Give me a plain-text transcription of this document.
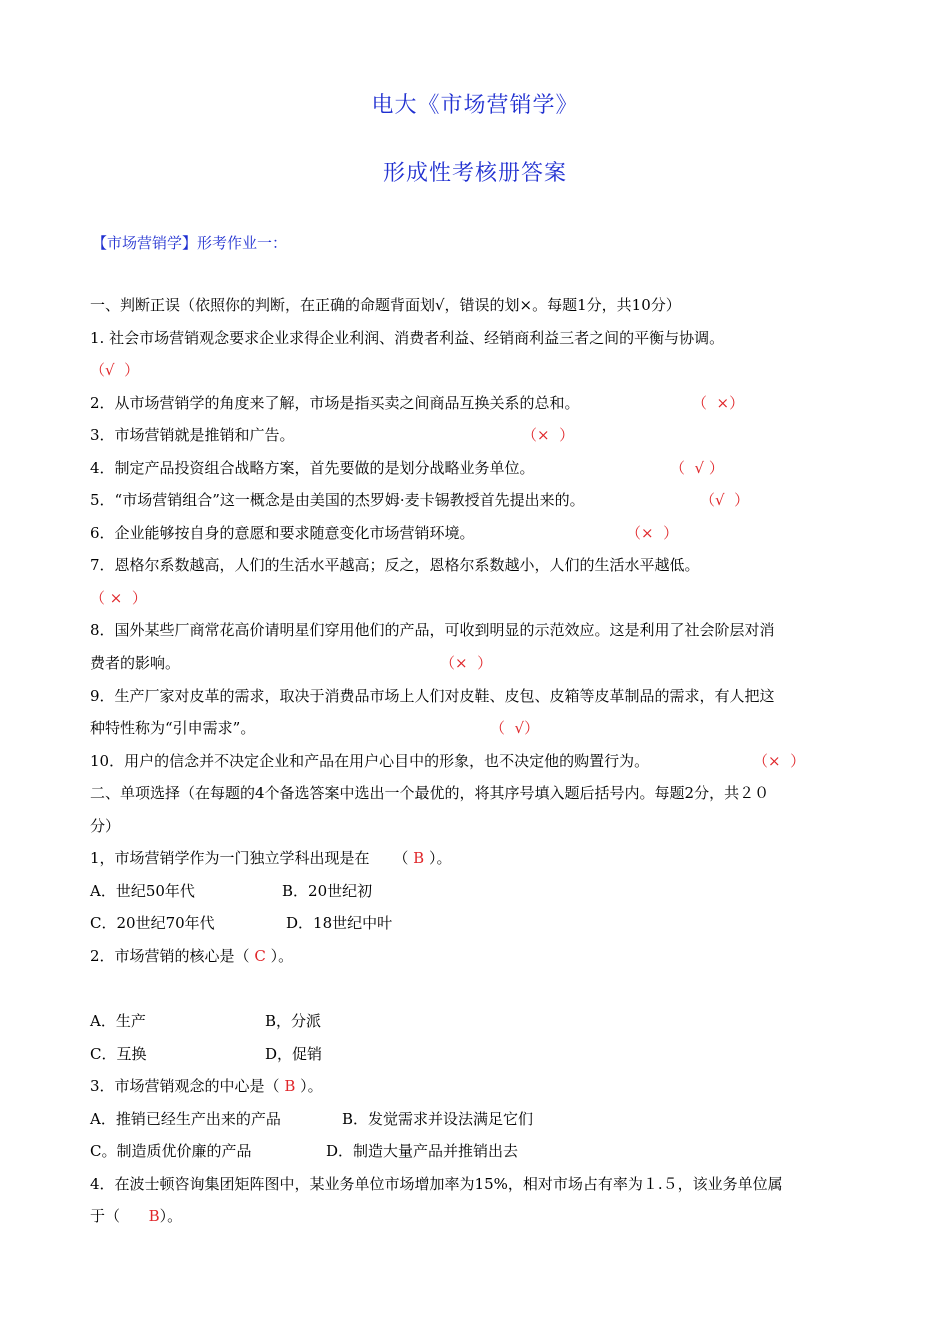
电大《市场营销学》
形成性考核册答案
【市场营销学】形考作业一：
一、判断正误（依照你的判断，在正确的命题背面划√，错误的划×。每题1分，共10分）
1. 社会市场营销观念要求企业求得企业利润、消费者利益、经销商利益三者之间的平衡与协调。
（√  ）
2．从市场营销学的角度来了解，市场是指买卖之间商品互换关系的总和。	（  ×）
3．市场营销就是推销和广告。	（×  ）
4．制定产品投资组合战略方案，首先要做的是划分战略业务单位。	（  √ ）
5．“市场营销组合”这一概念是由美国的杰罗姆·麦卡锡教授首先提出来的。	（√  ）
6．企业能够按自身的意愿和要求随意变化市场营销环境。	（×  ）
7．恩格尔系数越高，人们的生活水平越高；反之，恩格尔系数越小，人们的生活水平越低。
（ ×  ）
8．国外某些厂商常花高价请明星们穿用他们的产品，可收到明显的示范效应。这是利用了社会阶层对消
费者的影响。	（×  ）
9．生产厂家对皮革的需求，取决于消费品市场上人们对皮鞋、皮包、皮箱等皮革制品的需求，有人把这
种特性称为“引申需求”。	（  √）
10．用户的信念并不决定企业和产品在用户心目中的形象，也不决定他的购置行为。	（×  ）
二、单项选择（在每题的4个备选答案中选出一个最优的，将其序号填入题后括号内。每题2分，共２０
分）
1，市场营销学作为一门独立学科出现是在     （ B ）。
A．世纪50年代	B．20世纪初
C．20世纪70年代	D．18世纪中叶
2．市场营销的核心是（ C ）。
A．生产	B，分派
C．互换	D，促销
3．市场营销观念的中心是（ B ）。
A．推销已经生产出来的产品	B．发觉需求并设法满足它们
C。制造质优价廉的产品	D．制造大量产品并推销出去
4．在波士顿咨询集团矩阵图中，某业务单位市场增加率为15%，相对市场占有率为１.５，该业务单位属
于（ B）。
